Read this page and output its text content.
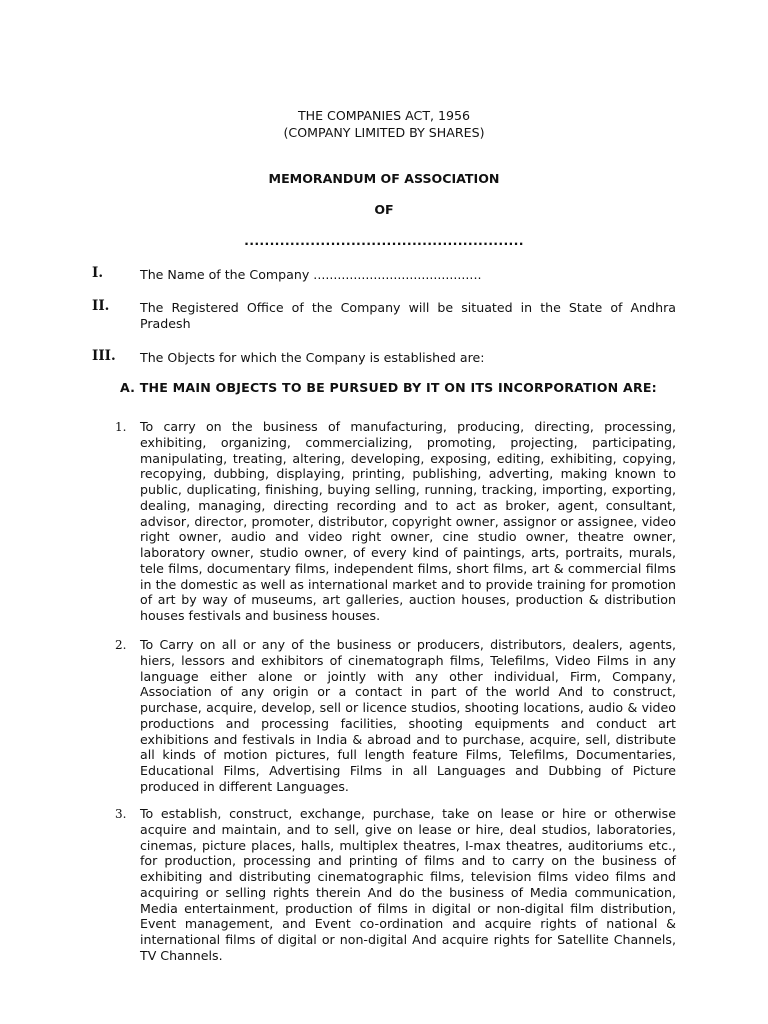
THE COMPANIES ACT, 1956
(COMPANY LIMITED BY SHARES)
MEMORANDUM OF ASSOCIATION
OF
.......................................................
I.	The Name of the Company ..........................................
II. The Registered Office of the Company will be situated in the State of Andhra Pradesh
III. The Objects for which the Company is established are:
A. THE MAIN OBJECTS TO BE PURSUED BY IT ON ITS INCORPORATION ARE:
1. To carry on the business of manufacturing, producing, directing, processing, exhibiting, organizing, commercializing, promoting, projecting, participating, manipulating, treating, altering, developing, exposing, editing, exhibiting, copying, recopying, dubbing, displaying, printing, publishing, adverting, making known to public, duplicating, finishing, buying selling, running, tracking, importing, exporting, dealing, managing, directing recording and to act as broker, agent, consultant, advisor, director, promoter, distributor, copyright owner, assignor or assignee, video right owner, audio and video right owner, cine studio owner, theatre owner, laboratory owner, studio owner, of every kind of paintings, arts, portraits, murals, tele films, documentary films, independent films, short films, art & commercial films in the domestic as well as international market and to provide training for promotion of art by way of museums, art galleries, auction houses, production & distribution houses festivals and business houses.
2. To Carry on all or any of the business or producers, distributors, dealers, agents, hiers, lessors and exhibitors of cinematograph films, Telefilms, Video Films in any language either alone or jointly with any other individual, Firm, Company, Association of any origin or a contact in part of the world And to construct, purchase, acquire, develop, sell or licence studios, shooting locations, audio & video productions and processing facilities, shooting equipments and conduct art exhibitions and festivals in India & abroad and to purchase, acquire, sell, distribute all kinds of motion pictures, full length feature Films, Telefilms, Documentaries, Educational Films, Advertising Films in all Languages and Dubbing of Picture produced in different Languages.
3. To establish, construct, exchange, purchase, take on lease or hire or otherwise acquire and maintain, and to sell, give on lease or hire, deal studios, laboratories, cinemas, picture places, halls, multiplex theatres, I-max theatres, auditoriums etc., for production, processing and printing of films and to carry on the business of exhibiting and distributing cinematographic films, television films video films and acquiring or selling rights therein And do the business of Media communication, Media entertainment, production of films in digital or non-digital film distribution, Event management, and Event co-ordination and acquire rights of national & international films of digital or non-digital And acquire rights for Satellite Channels, TV Channels.
